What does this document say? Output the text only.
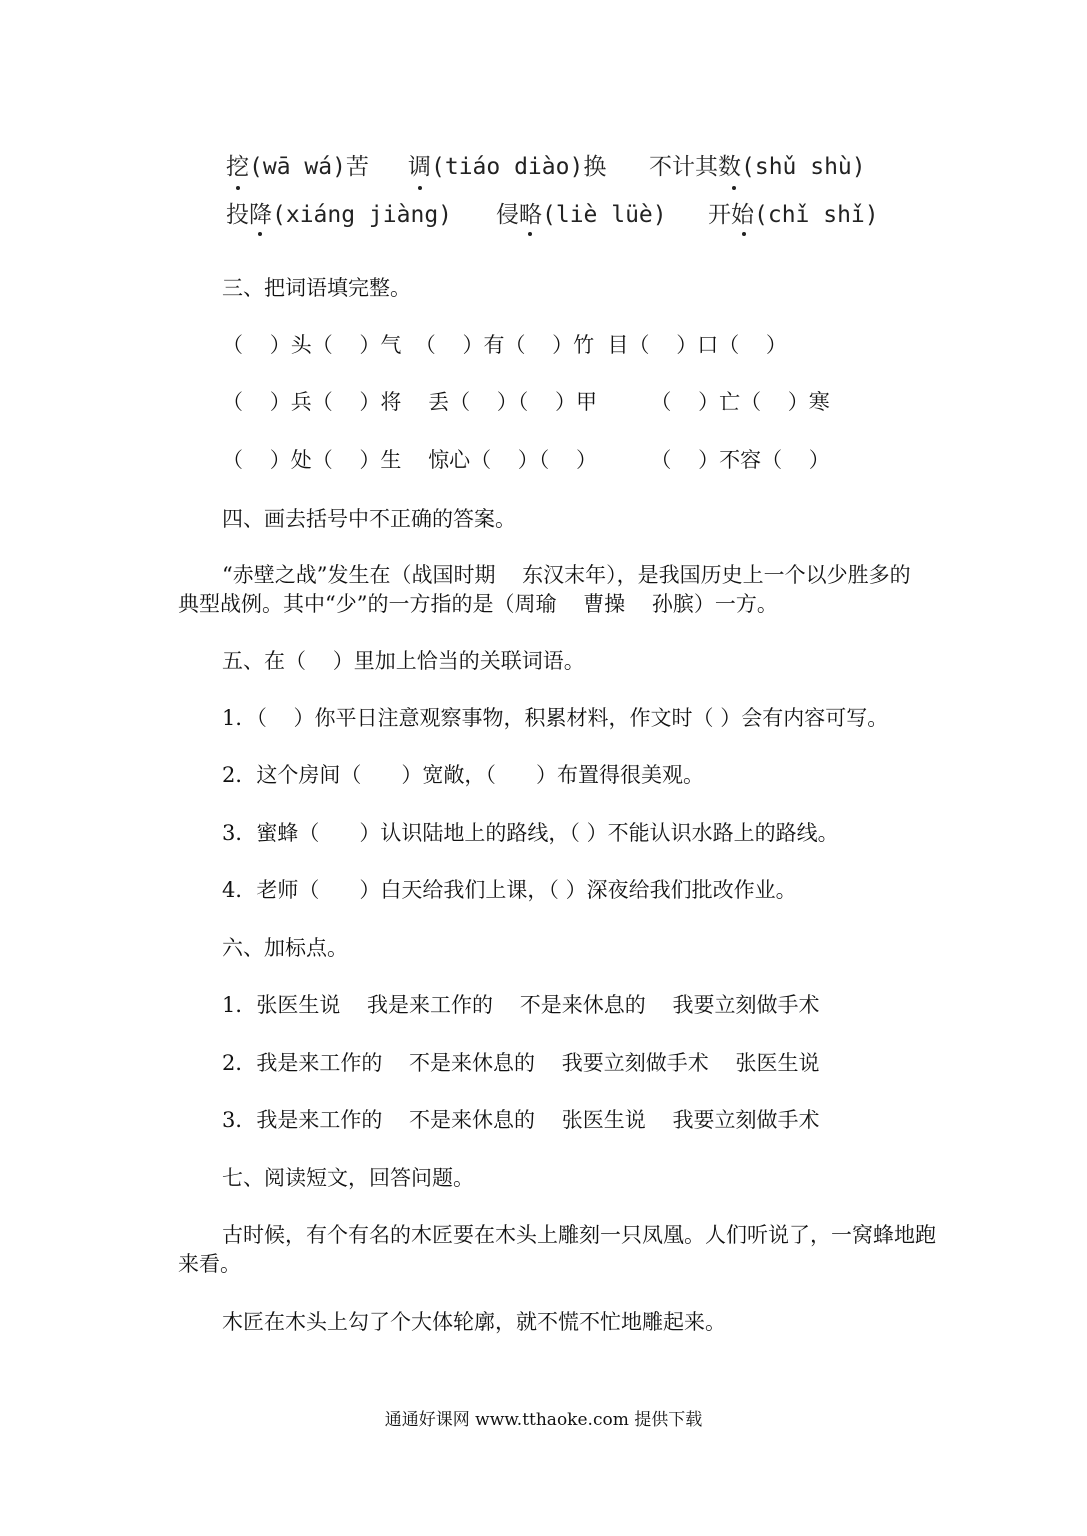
挖(wā wá)苦 调(tiáo diào)换 不计其数(shǔ shù)
投降(xiáng jiàng) 侵略(liè lüè) 开始(chǐ shǐ)
三、把词语填完整。
（    ）头（    ）气  （    ）有（    ）竹  目（    ）口（    ）
（    ）兵（    ）将    丢（    ）（    ）甲        （    ）亡（    ）寒
（    ）处（    ）生    惊心（    ）（    ）        （    ）不容（    ）
四、画去括号中不正确的答案。
“赤壁之战”发生在（战国时期    东汉末年），是我国历史上一个以少胜多的
典型战例。其中“少”的一方指的是（周瑜    曹操    孙膑）一方。
五、在（    ）里加上恰当的关联词语。
1．（    ）你平日注意观察事物，积累材料，作文时（ ）会有内容可写。
2．这个房间（      ）宽敞，（      ）布置得很美观。
3．蜜蜂（      ）认识陆地上的路线，（ ）不能认识水路上的路线。
4．老师（      ）白天给我们上课，（ ）深夜给我们批改作业。
六、加标点。
1．张医生说    我是来工作的    不是来休息的    我要立刻做手术
2．我是来工作的    不是来休息的    我要立刻做手术    张医生说
3．我是来工作的    不是来休息的    张医生说    我要立刻做手术
七、阅读短文，回答问题。
古时候，有个有名的木匠要在木头上雕刻一只凤凰。人们听说了，一窝蜂地跑
来看。
木匠在木头上勾了个大体轮廓，就不慌不忙地雕起来。
通通好课网 www.tthaoke.com 提供下载
